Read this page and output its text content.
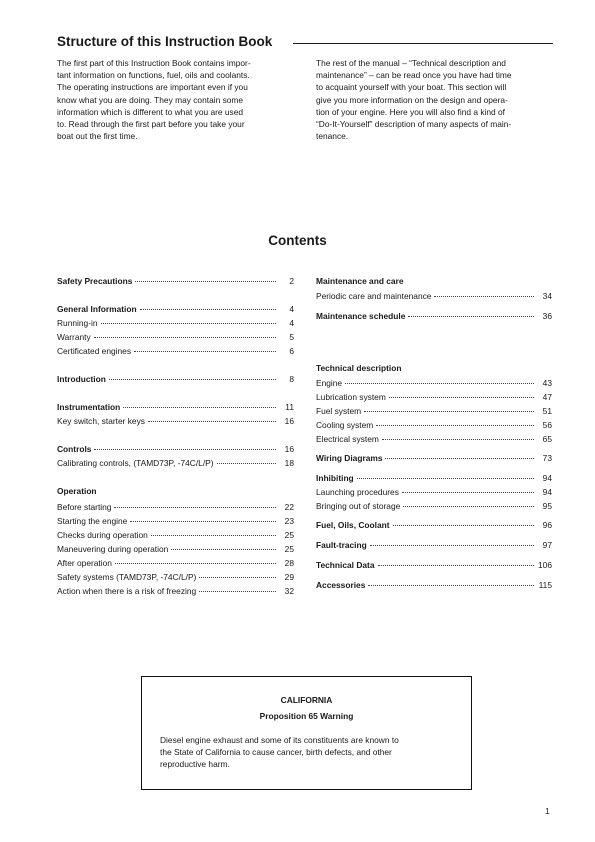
Structure of this Instruction Book

The first part of this Instruction Book contains impor-
tant information on functions, fuel, oils and coolants.
The operating instructions are important even if you
know what you are doing. They may contain some
information which is different to what you are used
to. Read through the first part before you take your
boat out the first time.

The rest of the manual – “Technical description and
maintenance” – can be read once you have had time
to acquaint yourself with your boat. This section will
give you more information on the design and opera-
tion of your engine. Here you will also find a kind of
“Do-It-Yourself” description of many aspects of main-
tenance.

Contents
Safety Precautions	2
General Information	4
Running-in	4
Warranty	5
Certificated engines	6
Introduction	8
Instrumentation	11
Key switch, starter keys	16
Controls	16
Calibrating controls, (TAMD73P, -74C/L/P)	18
Operation
Before starting	22
Starting the engine	23
Checks during operation	25
Maneuvering during operation	25
After operation	28
Safety systems (TAMD73P, -74C/L/P)	29
Action when there is a risk of freezing	32
Maintenance and care
Periodic care and maintenance	34
Maintenance schedule	36
Technical description
Engine	43
Lubrication system	47
Fuel system	51
Cooling system	56
Electrical system	65
Wiring Diagrams	73
Inhibiting	94
Launching procedures	94
Bringing out of storage	95
Fuel, Oils, Coolant	96
Fault-tracing	97
Technical Data	106
Accessories	115

CALIFORNIA

Proposition 65 Warning

Diesel engine exhaust and some of its constituents are known to
the State of California to cause cancer, birth defects, and other
reproductive harm.

1
